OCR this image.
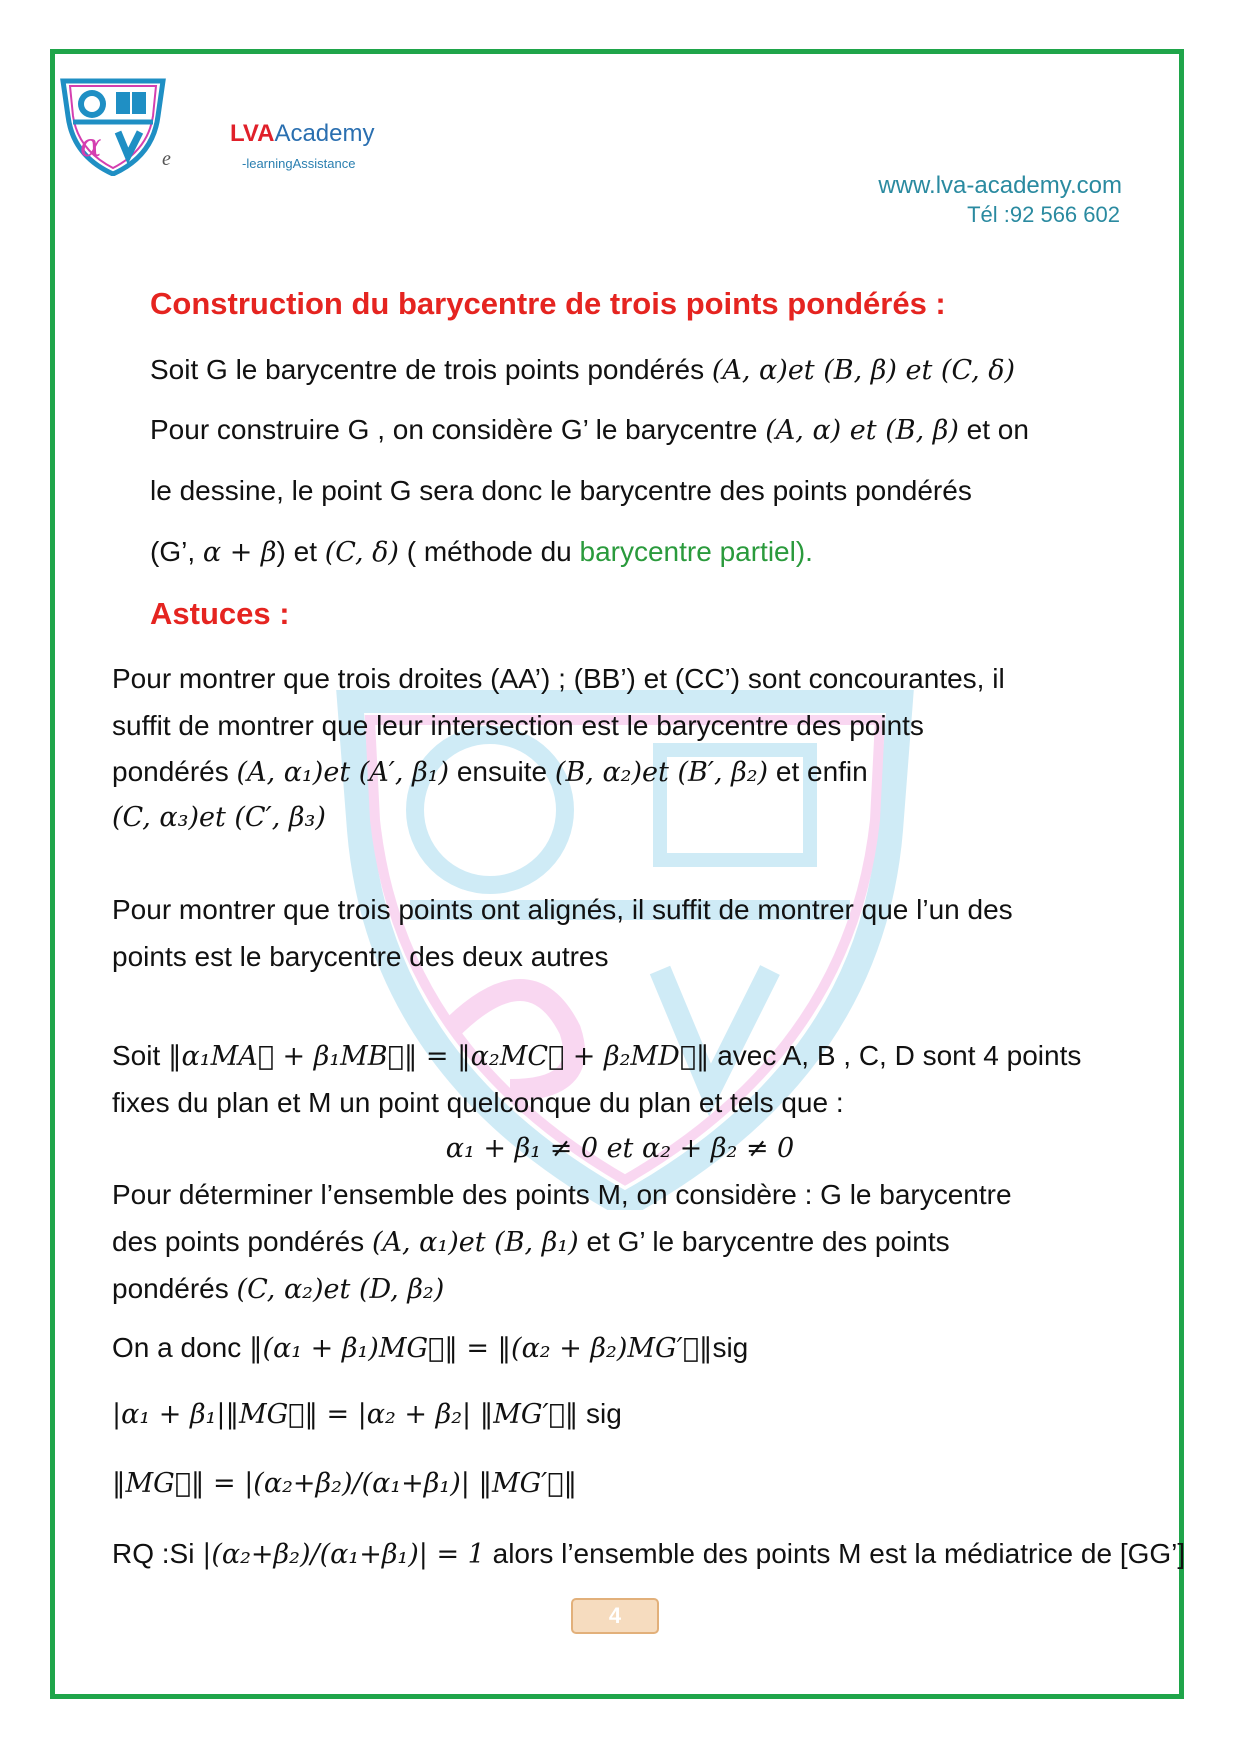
α	e
LVAAcademy
-learningAssistance
www.lva-academy.com
Tél :92 566 602
Construction du barycentre de trois points pondérés :
Soit G le barycentre de trois points pondérés (A, α)et (B, β) et (C, δ)
Pour construire G , on considère G’ le barycentre (A, α) et (B, β) et on
le dessine, le point G sera donc le barycentre des points pondérés
(G’, α + β) et (C, δ) ( méthode du barycentre partiel).
Astuces :
Pour montrer que trois droites (AA’) ; (BB’) et (CC’) sont concourantes, il
suffit de montrer que leur intersection est le barycentre des points
pondérés (A, α₁)et (A′, β₁) ensuite (B, α₂)et (B′, β₂) et enfin
(C, α₃)et (C′, β₃)
Pour montrer que trois points ont alignés, il suffit de montrer que l’un des
points est le barycentre des deux autres
Soit ‖α₁MA⃗ + β₁MB⃗‖ = ‖α₂MC⃗ + β₂MD⃗‖ avec A, B , C, D sont 4 points
fixes du plan et M un point quelconque du plan et tels que :
α₁ + β₁ ≠ 0 et α₂ + β₂ ≠ 0
Pour déterminer l’ensemble des points M, on considère : G le barycentre
des points pondérés (A, α₁)et (B, β₁) et G’ le barycentre des points
pondérés (C, α₂)et (D, β₂)
On a donc ‖(α₁ + β₁)MG⃗‖ = ‖(α₂ + β₂)MG′⃗‖sig
|α₁ + β₁|‖MG⃗‖ = |α₂ + β₂| ‖MG′⃗‖ sig
‖MG⃗‖ = |(α₂+β₂)/(α₁+β₁)| ‖MG′⃗‖
RQ :Si |(α₂+β₂)/(α₁+β₁)| = 1 alors l’ensemble des points M est la médiatrice de [GG’]
4
